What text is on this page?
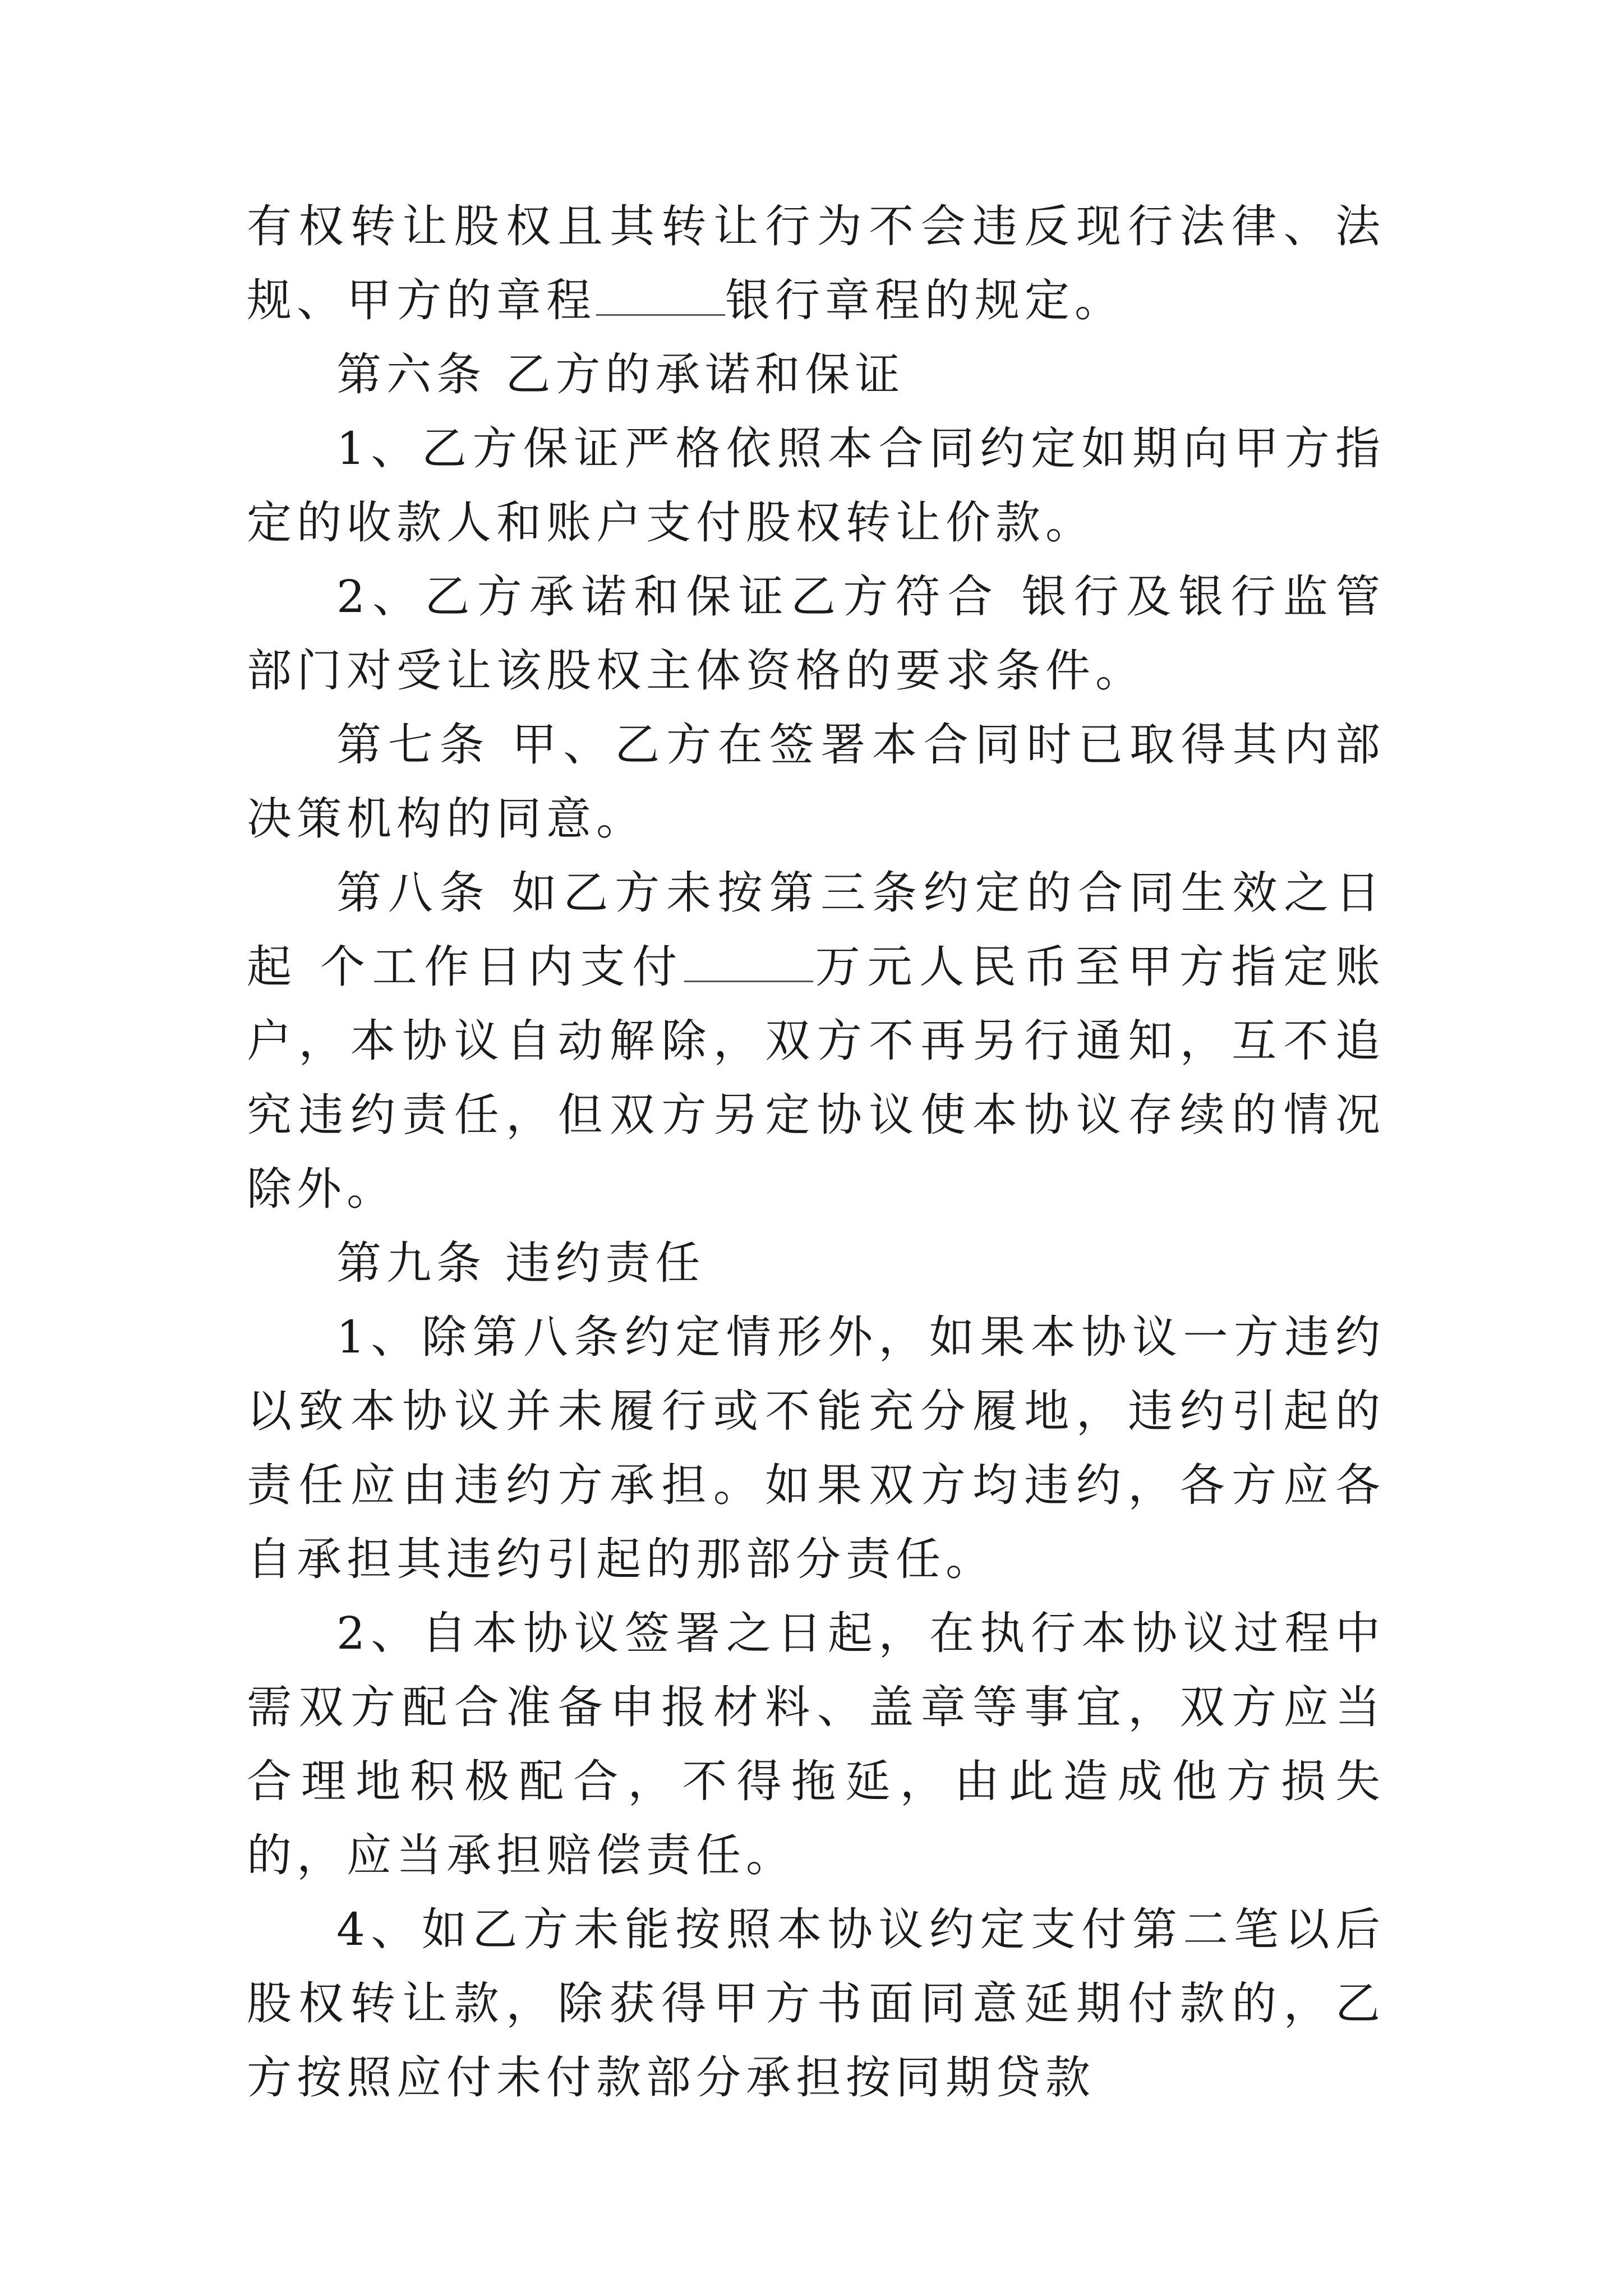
有权转让股权且其转让行为不会违反现行法律、法规、甲方的章程	银行章程的规定。

第六条 乙方的承诺和保证

1、乙方保证严格依照本合同约定如期向甲方指定的收款人和账户支付股权转让价款。

2、乙方承诺和保证乙方符合 银行及银行监管部门对受让该股权主体资格的要求条件。

第七条 甲、乙方在签署本合同时已取得其内部决策机构的同意。

第八条 如乙方未按第三条约定的合同生效之日起 个工作日内支付	万元人民币至甲方指定账户，本协议自动解除，双方不再另行通知，互不追究违约责任，但双方另定协议使本协议存续的情况除外。

第九条 违约责任

1、除第八条约定情形外，如果本协议一方违约以致本协议并未履行或不能充分履地，违约引起的责任应由违约方承担。如果双方均违约，各方应各自承担其违约引起的那部分责任。

2、自本协议签署之日起，在执行本协议过程中需双方配合准备申报材料、盖章等事宜，双方应当合理地积极配合，不得拖延，由此造成他方损失的，应当承担赔偿责任。

4、如乙方未能按照本协议约定支付第二笔以后股权转让款，除获得甲方书面同意延期付款的，乙方按照应付未付款部分承担按同期贷款
